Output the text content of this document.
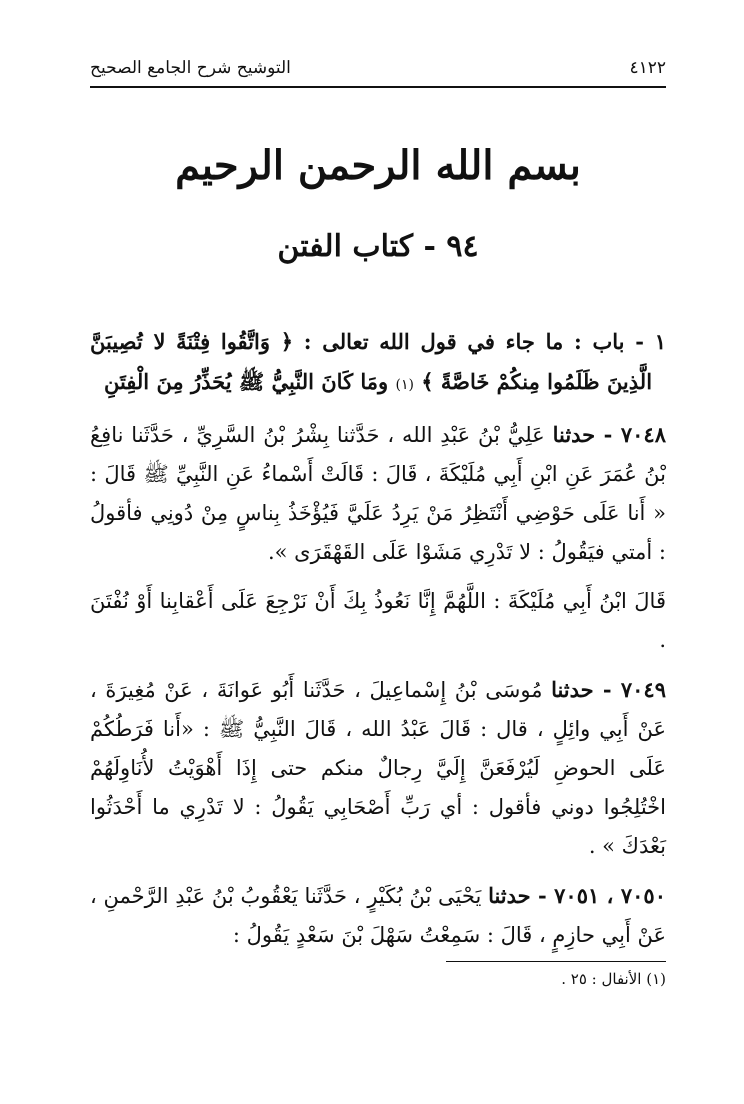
٤١٢٢
التوشيح شرح الجامع الصحيح
بسم الله الرحمن الرحيم
٩٤ - كتاب الفتن
١ - باب : ما جاء في قول الله تعالى : ﴿ وَاتَّقُوا فِتْنَةً لا تُصِيبَنَّ الَّذِينَ ظَلَمُوا مِنكُمْ خَاصَّةً ﴾ (١) ومَا كَانَ النَّبِيُّ ﷺ يُحَذِّرُ مِنَ الْفِتَنِ
٧٠٤٨ - حدثنا عَلِيُّ بْنُ عَبْدِ الله ، حَدَّثنا بِشْرُ بْنُ السَّرِيِّ ، حَدَّثَنا نافِعُ بْنُ عُمَرَ عَنِ ابْنِ أَبِي مُلَيْكَةَ ، قَالَ : قَالَتْ أَسْماءُ عَنِ النَّبِيِّ ﷺ قَالَ : « أَنا عَلَى حَوْضِي أَنْتَظِرُ مَنْ يَرِدُ عَلَيَّ فَيُؤْخَذُ بِناسٍ مِنْ دُونِي فأقولُ : أمتي فيَقُولُ : لا تَدْرِي مَشَوْا عَلَى القَهْقَرَى ».
قَالَ ابْنُ أَبِي مُلَيْكَةَ : اللَّهُمَّ إِنَّا نَعُوذُ بِكَ أَنْ نَرْجِعَ عَلَى أَعْقابِنا أَوْ نُفْتَنَ .
٧٠٤٩ - حدثنا مُوسَى بْنُ إِسْماعِيلَ ، حَدَّثَنا أَبُو عَوانَةَ ، عَنْ مُغِيرَةَ ، عَنْ أَبِي وائِلٍ ، قال : قَالَ عَبْدُ الله ، قَالَ النَّبِيُّ ﷺ : «أَنا فَرَطُكُمْ عَلَى الحوضِ لَيُرْفَعَنَّ إِلَيَّ رِجالٌ منكم حتى إِذَا أَهْوَيْتُ لأُنَاوِلَهُمْ اخْتُلِجُوا دوني فأقول : أي رَبِّ أَصْحَابِي يَقُولُ : لا تَدْرِي ما أَحْدَثُوا بَعْدَكَ » .
٧٠٥٠ ، ٧٠٥١ - حدثنا يَحْيَى بْنُ بُكَيْرٍ ، حَدَّثَنا يَعْقُوبُ بْنُ عَبْدِ الرَّحْمنِ ، عَنْ أَبِي حازِمٍ ، قَالَ : سَمِعْتُ سَهْلَ بْنَ سَعْدٍ يَقُولُ :
(١) الأنفال : ٢٥ .
